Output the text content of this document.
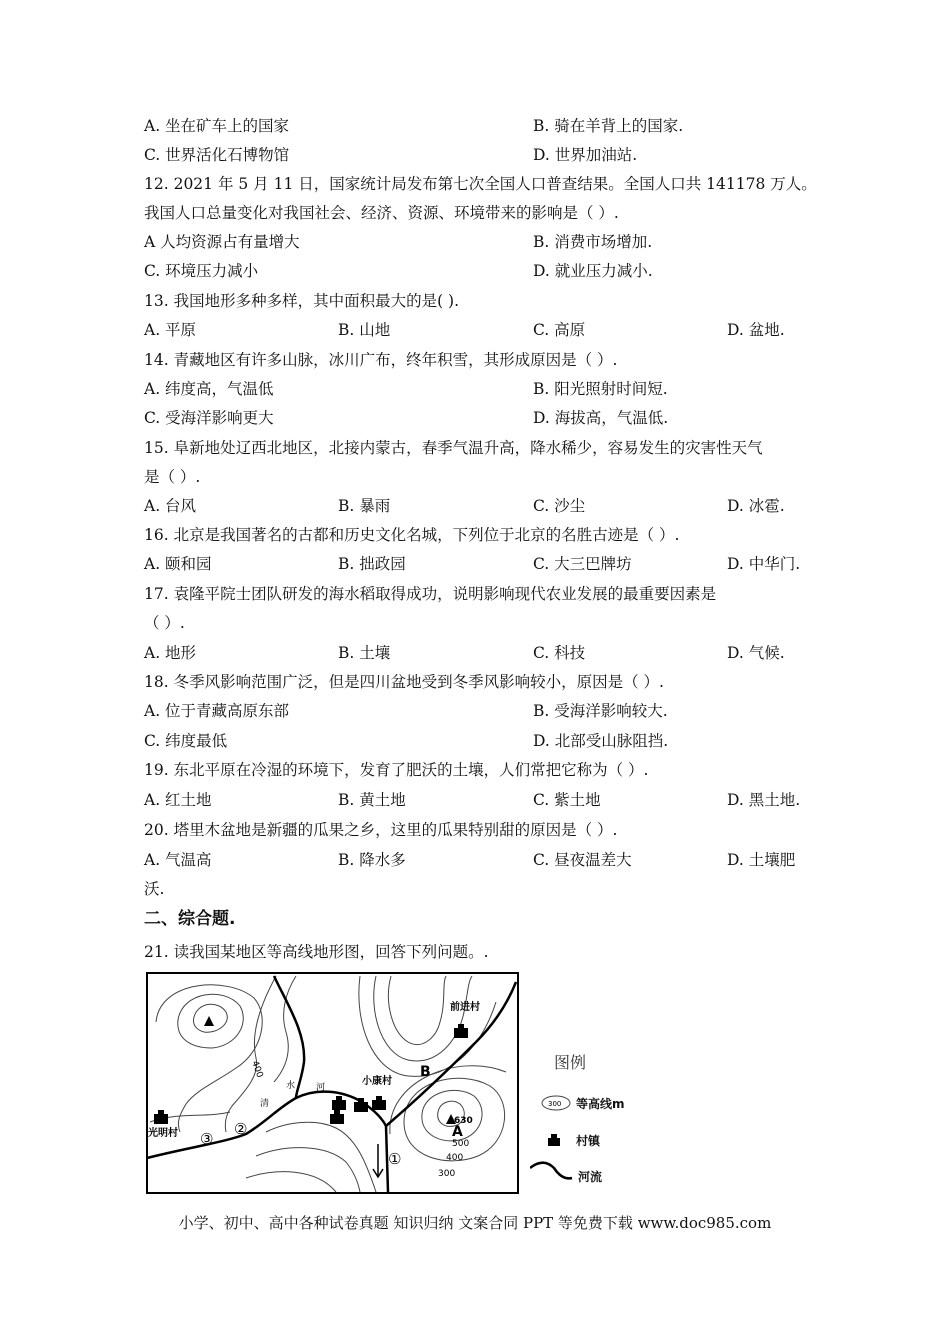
A. 坐在矿车上的国家	B. 骑在羊背上的国家.
C. 世界活化石博物馆	D. 世界加油站.
12. 2021 年 5 月 11 日，国家统计局发布第七次全国人口普查结果。全国人口共 141178 万人。
我国人口总量变化对我国社会、经济、资源、环境带来的影响是（ ）.
A 人均资源占有量增大	B. 消费市场增加.
C. 环境压力减小	D. 就业压力减小.
13. 我国地形多种多样，其中面积最大的是( ).
A. 平原	B. 山地	C. 高原	D. 盆地.
14. 青藏地区有许多山脉，冰川广布，终年积雪，其形成原因是（ ）.
A. 纬度高，气温低	B. 阳光照射时间短.
C. 受海洋影响更大	D. 海拔高，气温低.
15. 阜新地处辽西北地区，北接内蒙古，春季气温升高，降水稀少，容易发生的灾害性天气
是（ ）.
A. 台风	B. 暴雨	C. 沙尘	D. 冰雹.
16. 北京是我国著名的古都和历史文化名城，下列位于北京的名胜古迹是（ ）.
A. 颐和园	B. 拙政园	C. 大三巴牌坊	D. 中华门.
17. 袁隆平院士团队研发的海水稻取得成功，说明影响现代农业发展的最重要因素是
（ ）.
A. 地形	B. 土壤	C. 科技	D. 气候.
18. 冬季风影响范围广泛，但是四川盆地受到冬季风影响较小，原因是（ ）.
A. 位于青藏高原东部	B. 受海洋影响较大.
C. 纬度最低	D. 北部受山脉阻挡.
19. 东北平原在冷湿的环境下，发育了肥沃的土壤，人们常把它称为（ ）.
A. 红土地	B. 黄土地	C. 紫土地	D. 黑土地.
20. 塔里木盆地是新疆的瓜果之乡，这里的瓜果特别甜的原因是（ ）.
A. 气温高	B. 降水多	C. 昼夜温差大	D. 土壤肥
沃.
二、综合题.
21. 读我国某地区等高线地形图，回答下列问题。.
前进村
小康村
光明村
B
A
630
清
水 河
400
500
400
300
①
②
③
图例
300 等高线m
村镇
河流
小学、初中、高中各种试卷真题 知识归纳 文案合同 PPT 等免费下载 www.doc985.com
